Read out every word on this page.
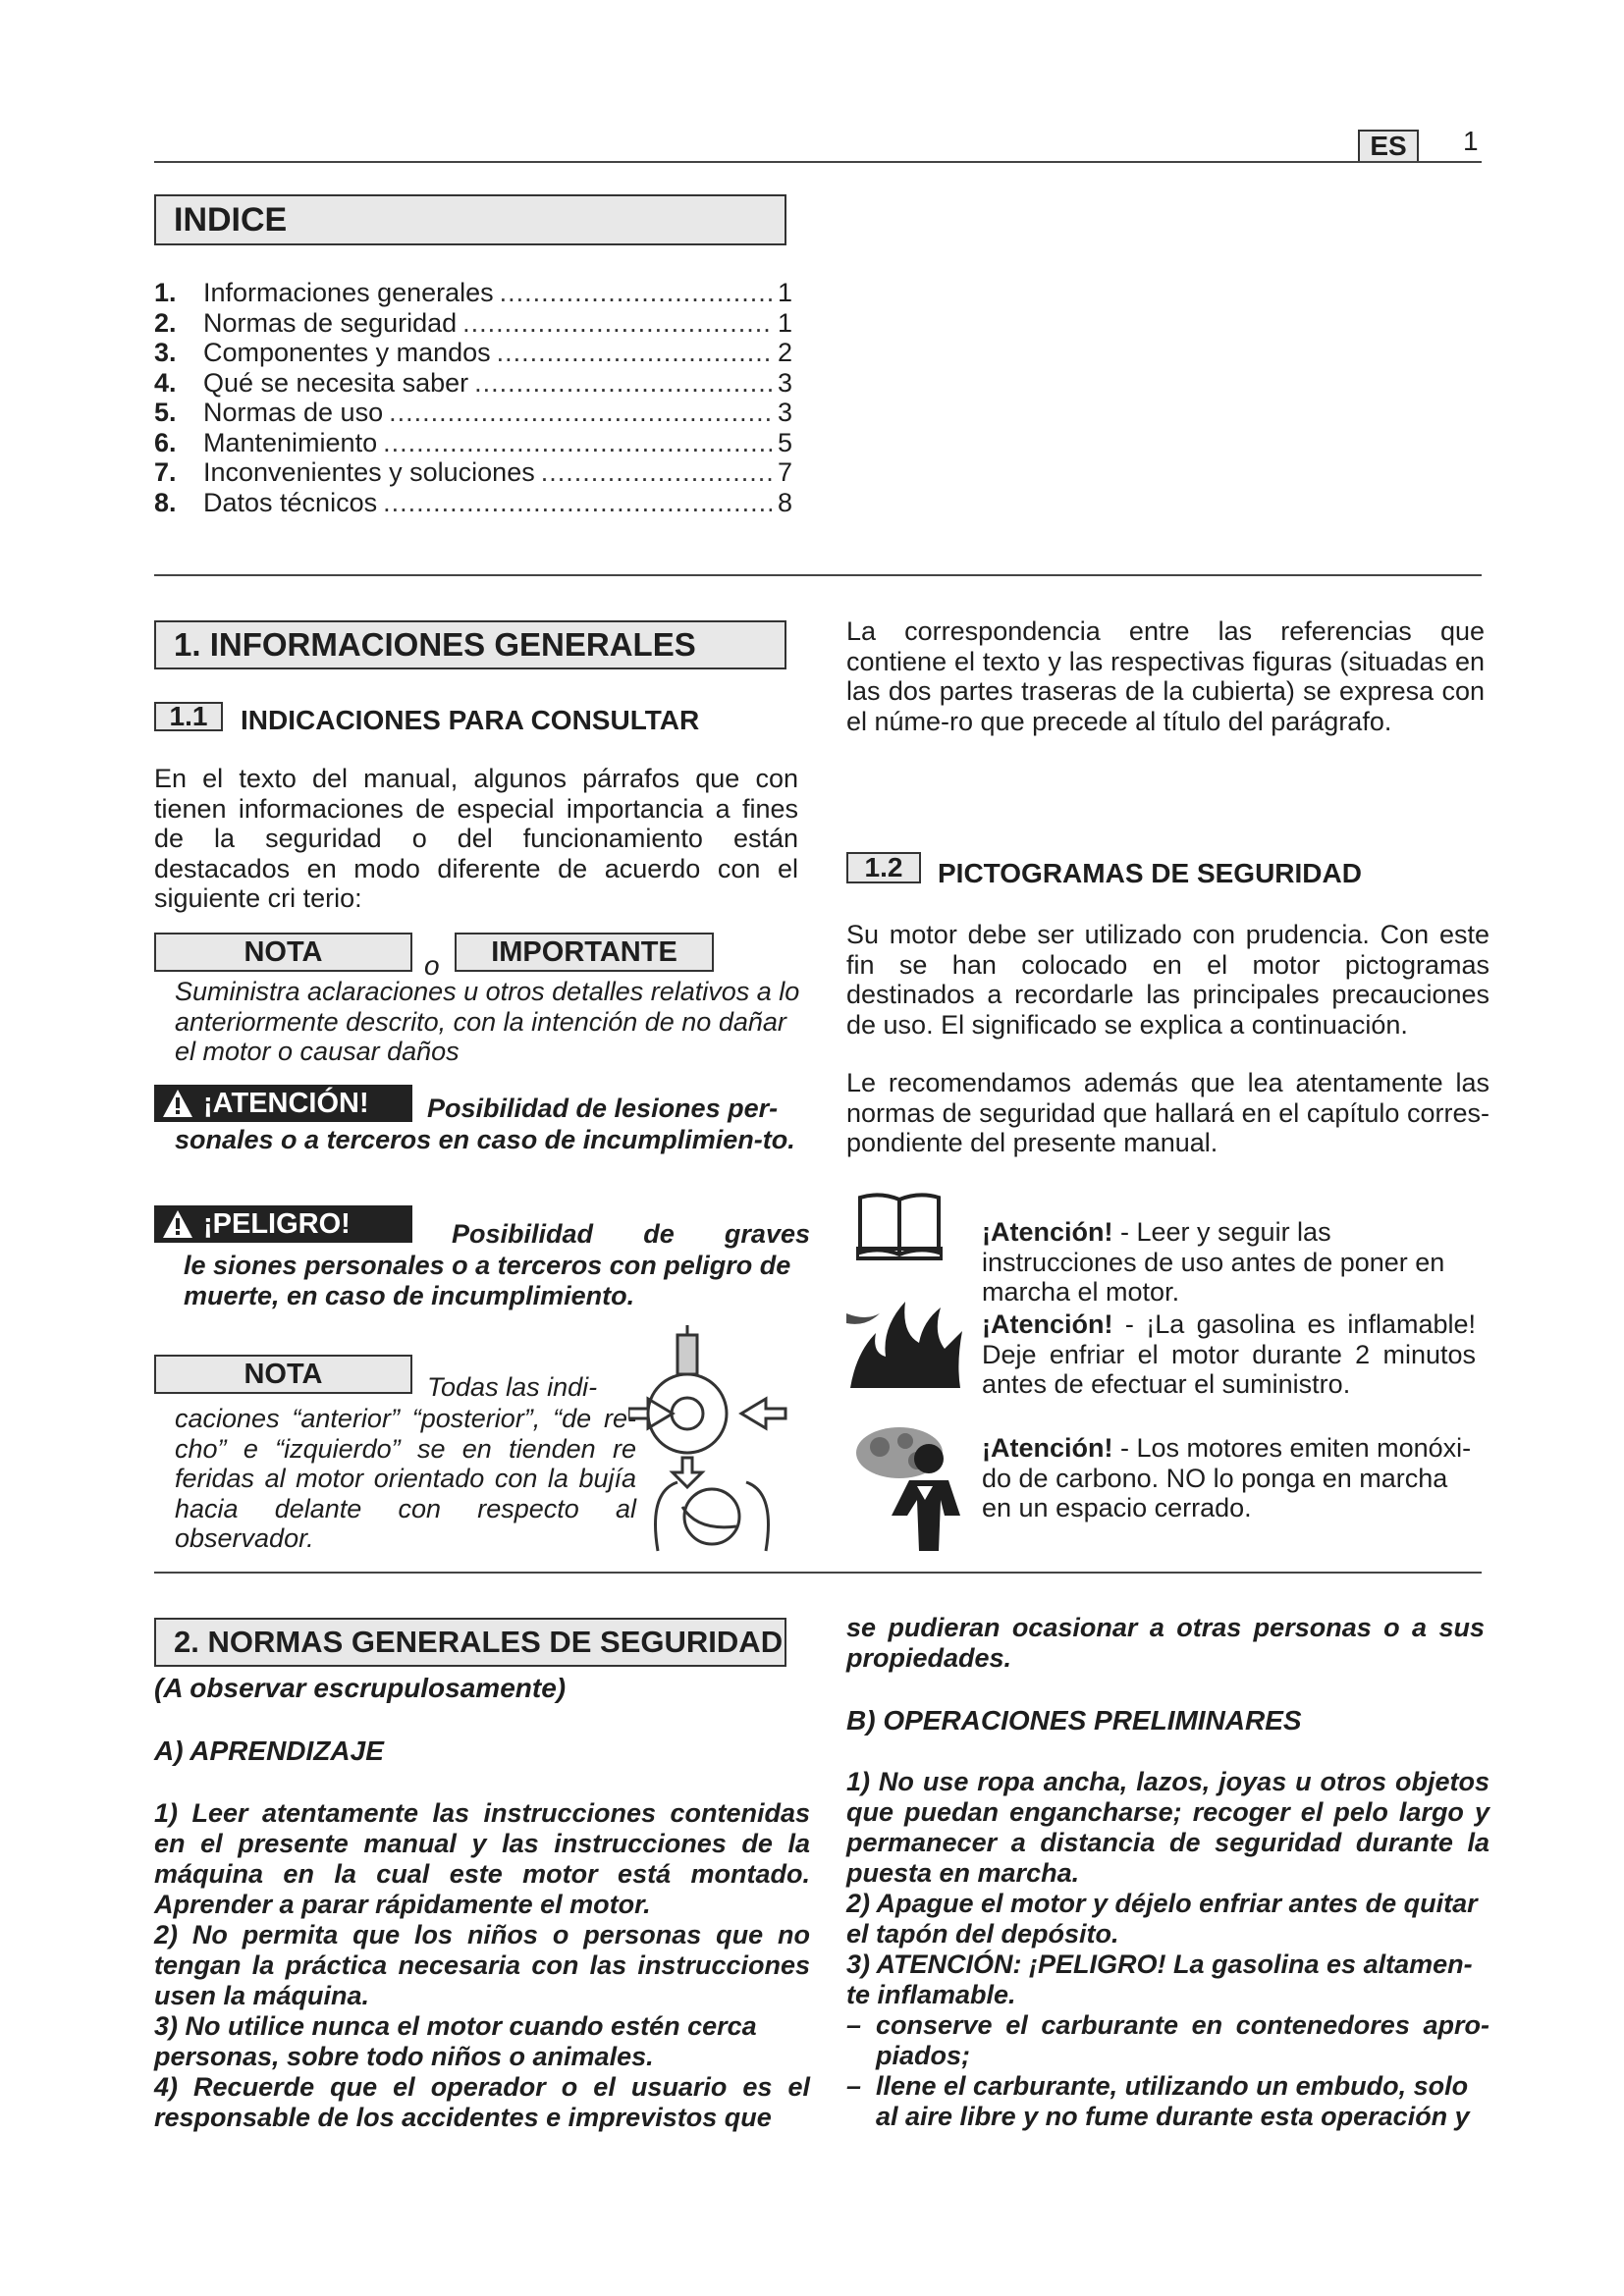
ES 1
INDICE
1.	Informaciones generales .....	1
2.	Normas de seguridad .....	1
3.	Componentes y mandos .....	2
4.	Qué se necesita saber .....	3
5.	Normas de uso .....	3
6.	Mantenimiento .....	5
7.	Inconvenientes y soluciones .....	7
8.	Datos técnicos .....	8
1. INFORMACIONES GENERALES
1.1 INDICACIONES PARA CONSULTAR
En el texto del manual, algunos párrafos que con tienen informaciones de especial importancia a fines de la seguridad o del funcionamiento están destacados en modo diferente de acuerdo con el siguiente cri terio:
NOTA	o IMPORTANTE
Suministra aclaraciones u otros detalles relativos a lo anteriormente descrito, con la intención de no dañar el motor o causar daños
¡ATENCIÓN! Posibilidad de lesiones per-
sonales o a terceros en caso de incumplimien-to.
¡PELIGRO!	Posibilidad de graves
le siones personales o a terceros con peligro de muerte, en caso de incumplimiento.
NOTA	Todas las indi-
caciones “anterior” “posterior”, “de re-cho” e “izquierdo” se en tienden re feridas al motor orientado con la bujía hacia delante con respecto al observador.
La correspondencia entre las referencias que contiene el texto y las respectivas figuras (situadas en las dos partes traseras de la cubierta) se expresa con el núme-ro que precede al título del parágrafo.
1.2 PICTOGRAMAS DE SEGURIDAD
Su motor debe ser utilizado con prudencia. Con este fin se han colocado en el motor pictogramas destinados a recordarle las principales precauciones de uso. El significado se explica a continuación.
Le recomendamos además que lea atentamente las normas de seguridad que hallará en el capítulo corres-pondiente del presente manual.
¡Atención! - Leer y seguir las instrucciones de uso antes de poner en marcha el motor.
¡Atención! - ¡La gasolina es inflamable! Deje enfriar el motor durante 2 minutos antes de efectuar el suministro.
¡Atención! - Los motores emiten monóxi-do de carbono. NO lo ponga en marcha en un espacio cerrado.
2. NORMAS GENERALES DE SEGURIDAD
(A observar escrupulosamente)
A) APRENDIZAJE
1) Leer atentamente las instrucciones contenidas en el presente manual y las instrucciones de la máquina en la cual este motor está montado. Aprender a parar rápidamente el motor.
2) No permita que los niños o personas que no tengan la práctica necesaria con las instrucciones usen la máquina.
3) No utilice nunca el motor cuando estén cerca personas, sobre todo niños o animales.
4) Recuerde que el operador o el usuario es el responsable de los accidentes e imprevistos que
se pudieran ocasionar a otras personas o a sus propiedades.
B) OPERACIONES PRELIMINARES
1) No use ropa ancha, lazos, joyas u otros objetos que puedan engancharse; recoger el pelo largo y permanecer a distancia de seguridad durante la puesta en marcha.
2) Apague el motor y déjelo enfriar antes de quitar el tapón del depósito.
3) ATENCIÓN: ¡PELIGRO! La gasolina es altamen-te inflamable.
– conserve el carburante en contenedores apro-piados;
– llene el carburante, utilizando un embudo, solo al aire libre y no fume durante esta operación y
